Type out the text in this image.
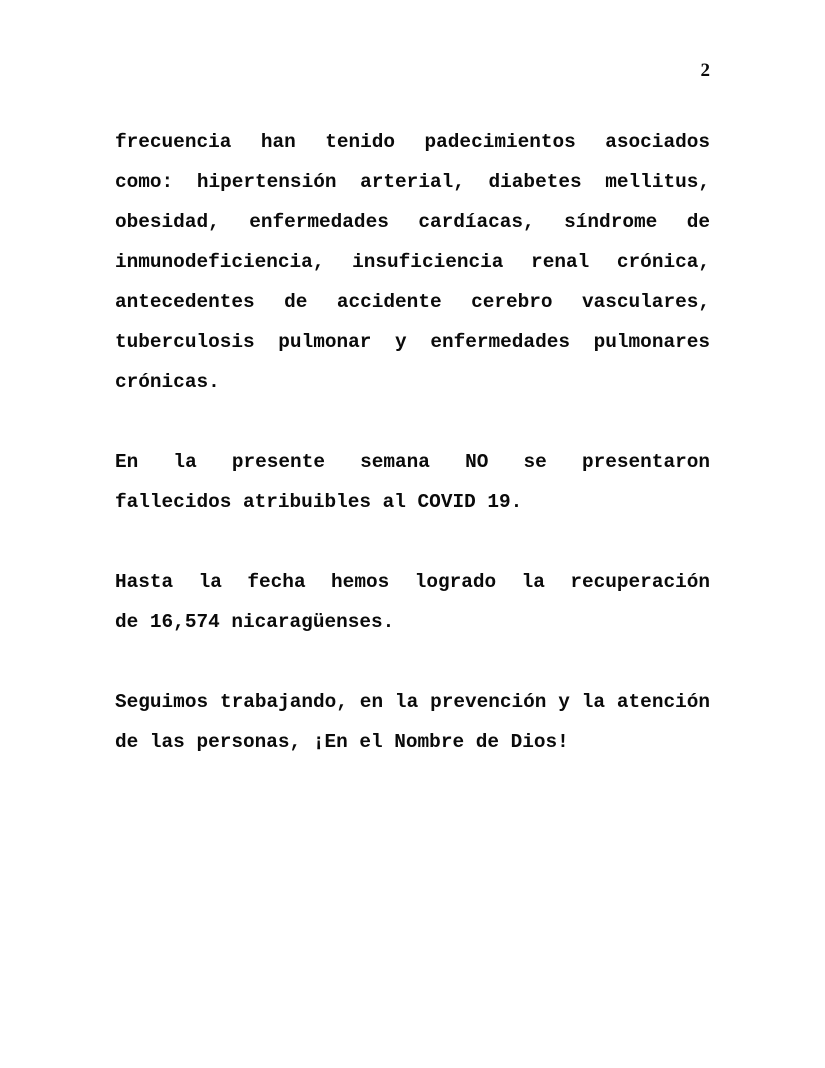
2
frecuencia han tenido padecimientos asociados
como: hipertensión arterial, diabetes mellitus,
obesidad, enfermedades cardíacas, síndrome de
inmunodeficiencia, insuficiencia renal crónica,
antecedentes de accidente cerebro vasculares,
tuberculosis pulmonar y enfermedades pulmonares
crónicas.
En la presente semana NO se presentaron
fallecidos atribuibles al COVID 19.
Hasta la fecha hemos logrado la recuperación
de 16,574 nicaragüenses.
Seguimos trabajando, en la prevención y la atención
de las personas, ¡En el Nombre de Dios!
